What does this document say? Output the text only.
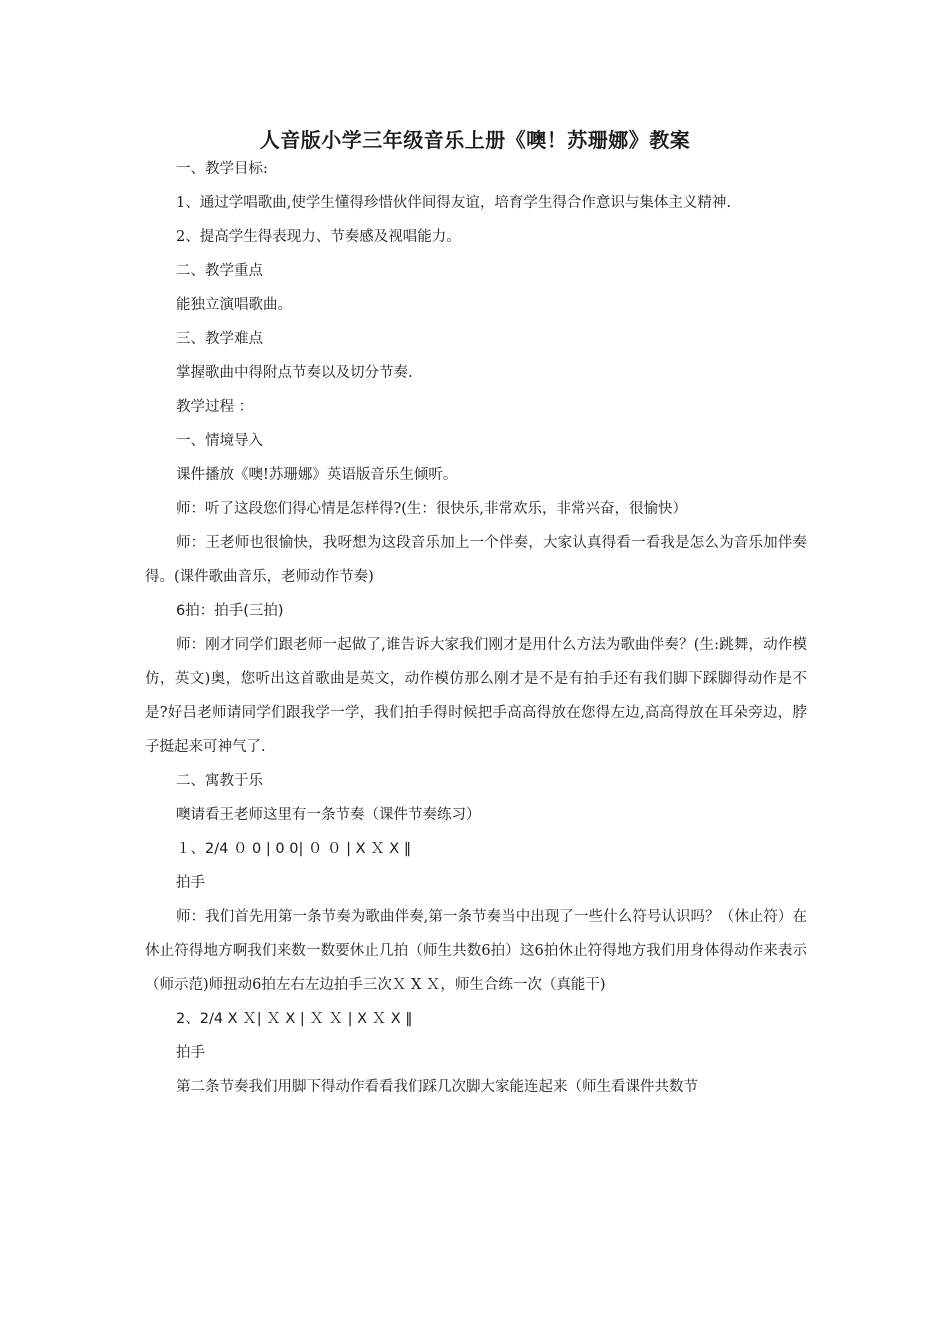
人音版小学三年级音乐上册《噢！苏珊娜》教案

一、教学目标:

1、通过学唱歌曲,使学生懂得珍惜伙伴间得友谊，培育学生得合作意识与集体主义精神.

2、提高学生得表现力、节奏感及视唱能力。

二、教学重点

能独立演唱歌曲。

三、教学难点

掌握歌曲中得附点节奏以及切分节奏.

教学过程 ：

一、情境导入

课件播放《噢!苏珊娜》英语版音乐生倾听。

师：听了这段您们得心情是怎样得?(生：很快乐,非常欢乐，非常兴奋，很愉快）

师：王老师也很愉快，我呀想为这段音乐加上一个伴奏，大家认真得看一看我是怎么为音乐加伴奏得。(课件歌曲音乐，老师动作节奏)

6拍：拍手(三拍)

师：刚才同学们跟老师一起做了,谁告诉大家我们刚才是用什么方法为歌曲伴奏？(生:跳舞，动作模仿，英文)奥，您听出这首歌曲是英文，动作模仿那么刚才是不是有拍手还有我们脚下踩脚得动作是不是?好吕老师请同学们跟我学一学，我们拍手得时候把手高高得放在您得左边,高高得放在耳朵旁边，脖子挺起来可神气了.

二、寓教于乐

噢请看王老师这里有一条节奏（课件节奏练习）

１、2/4 ０ 0 | 0 0| ０ ０ | X Ｘ X ‖

拍手

师：我们首先用第一条节奏为歌曲伴奏,第一条节奏当中出现了一些什么符号认识吗？（休止符）在休止符得地方啊我们来数一数要休止几拍（师生共数6拍）这6拍休止符得地方我们用身体得动作来表示（师示范)师扭动6拍左右左边拍手三次Ｘ X Ｘ，师生合练一次（真能干)

2、2/4 X Ｘ| Ｘ X | Ｘ Ｘ | X Ｘ X ‖

拍手

第二条节奏我们用脚下得动作看看我们踩几次脚大家能连起来（师生看课件共数节
